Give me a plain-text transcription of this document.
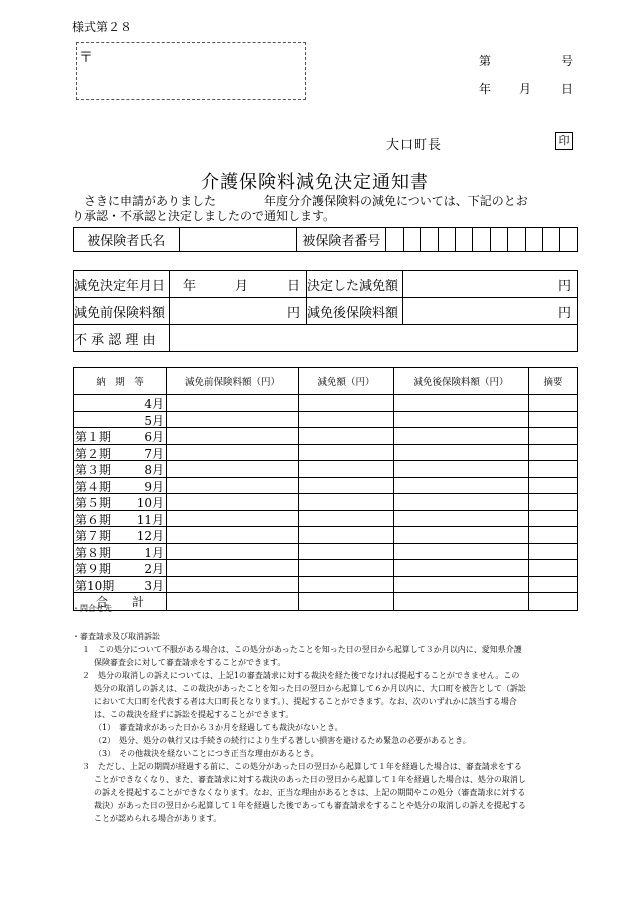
様式第２８
〒	第	号
年 月 日
大口町長	印
介護保険料減免決定通知書
さきに申請がありました　　　　年度分介護保険料の減免については、下記のとお
り承認・不承認と決定しましたので通知します。
被保険者氏名		被保険者番号											
減免決定年月日	年　　　月　　　日	決定した減免額	円
減免前保険料額	円	減免後保険料額	円
不 承 認 理 由			
納　期　等	減免前保険料額（円）	減免額（円）	減免後保険料額（円）	摘要

4月				

5月				

第１期 6月				

第２期 7月				

第３期 8月				

第４期 9月				

第５期 10月				

第６期 11月				

第７期 12月				

第８期 1月				

第９期 2月				

第10期 3月				

合　　計				
・問合せ先

・審査請求及び取消訴訟

１　この処分について不服がある場合は、この処分があったことを知った日の翌日から起算して３か月以内に、愛知県介護

保険審査会に対して審査請求をすることができます。

２　処分の取消しの訴えについては、上記1の審査請求に対する裁決を経た後でなければ提起することができません。この

処分の取消しの訴えは、この裁決があったことを知った日の翌日から起算して６か月以内に、大口町を被告として（訴訟

において大口町を代表する者は大口町長となります。）、提起することができます。なお、次のいずれかに該当する場合

は、この裁決を経ずに訴訟を提起することができます。

（1）　審査請求があった日から３か月を経過しても裁決がないとき。

（2）　処分、処分の執行又は手続きの続行により生ずる著しい損害を避けるため緊急の必要があるとき。

（3）　その他裁決を経ないことにつき正当な理由があるとき。

３　ただし、上記の期間が経過する前に、この処分があった日の翌日から起算して１年を経過した場合は、審査請求をする

ことができなくなり、また、審査請求に対する裁決のあった日の翌日から起算して１年を経過した場合は、処分の取消し

の訴えを提起することができなくなります。なお、正当な理由があるときは、上記の期間やこの処分（審査請求に対する

裁決）があった日の翌日から起算して１年を経過した後であっても審査請求をすることや処分の取消しの訴えを提起する

ことが認められる場合があります。
